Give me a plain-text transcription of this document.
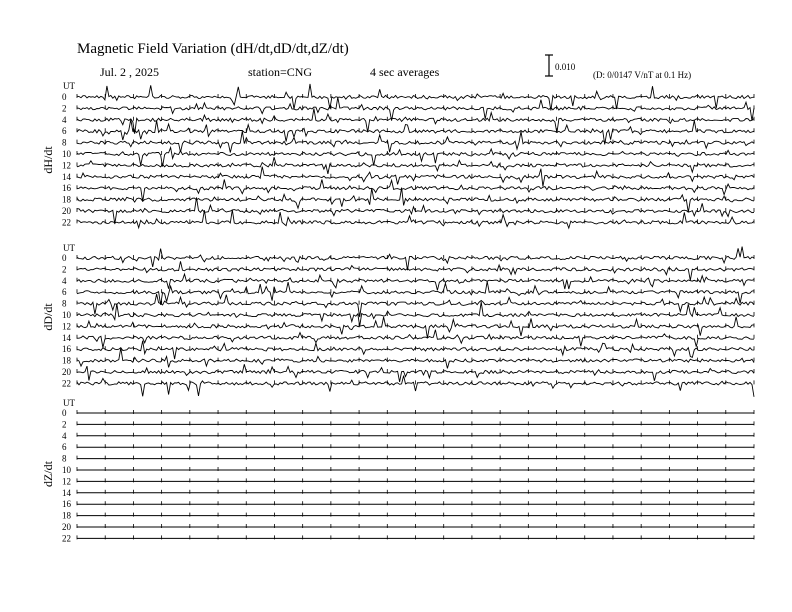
Magnetic Field Variation (dH/dt,dD/dt,dZ/dt)
Jul. 2 , 2025	station=CNG	4 sec averages	0.010
(D: 0/0147 V/nT at 0.1 Hz)
UT
dH/dt
0
2
4
6
8
10
12
14
16
18
20
22
UT
dD/dt
0
2
4
6
8
10
12
14
16
18
20
22
UT
dZ/dt
0
2
4
6
8
10
12
14
16
18
20
22
